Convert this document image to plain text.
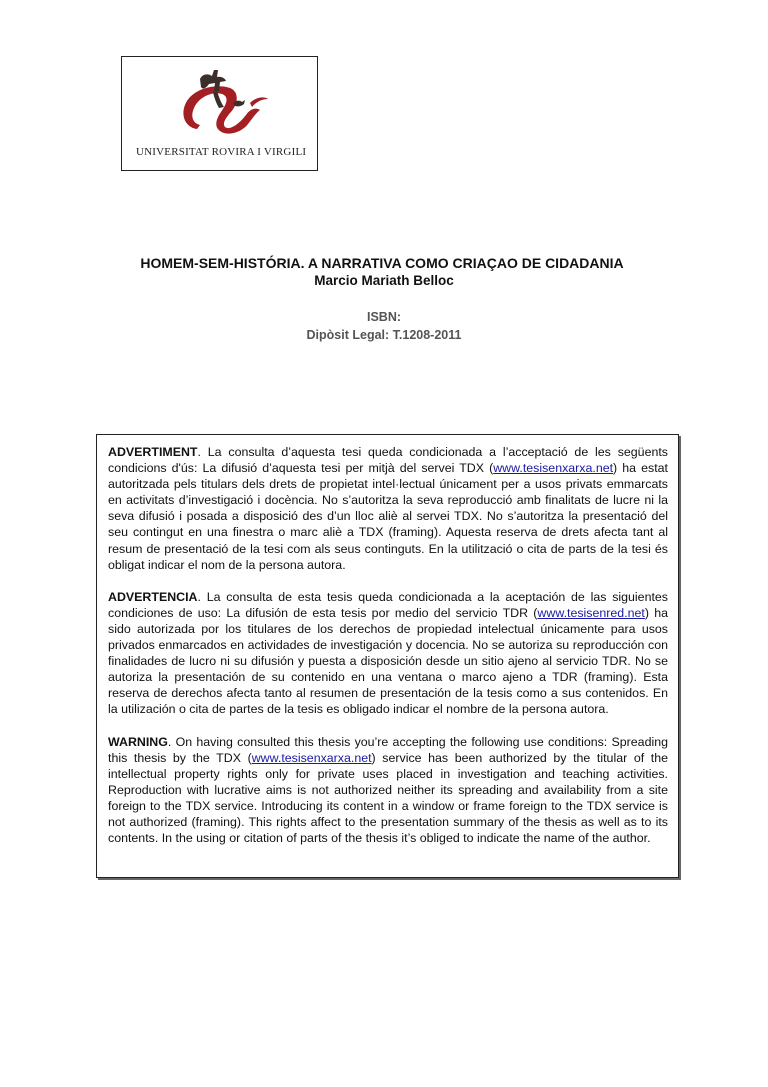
UNIVERSITAT ROVIRA I VIRGILI
HOMEM-SEM-HISTÓRIA. A NARRATIVA COMO CRIAÇAO DE CIDADANIA
Marcio Mariath Belloc
ISBN:
Dipòsit Legal: T.1208-2011

ADVERTIMENT. La consulta d’aquesta tesi queda condicionada a l’acceptació de les següents condicions d'ús: La difusió d’aquesta tesi per mitjà del servei TDX (www.tesisenxarxa.net) ha estat autoritzada pels titulars dels drets de propietat intel·lectual únicament per a usos privats emmarcats en activitats d’investigació i docència. No s’autoritza la seva reproducció amb finalitats de lucre ni la seva difusió i posada a disposició des d’un lloc aliè al servei TDX. No s’autoritza la presentació del seu contingut en una finestra o marc aliè a TDX (framing). Aquesta reserva de drets afecta tant al resum de presentació de la tesi com als seus continguts. En la utilització o cita de parts de la tesi és obligat indicar el nom de la persona autora.

ADVERTENCIA. La consulta de esta tesis queda condicionada a la aceptación de las siguientes condiciones de uso: La difusión de esta tesis por medio del servicio TDR (www.tesisenred.net) ha sido autorizada por los titulares de los derechos de propiedad intelectual únicamente para usos privados enmarcados en actividades de investigación y docencia. No se autoriza su reproducción con finalidades de lucro ni su difusión y puesta a disposición desde un sitio ajeno al servicio TDR. No se autoriza la presentación de su contenido en una ventana o marco ajeno a TDR (framing). Esta reserva de derechos afecta tanto al resumen de presentación de la tesis como a sus contenidos. En la utilización o cita de partes de la tesis es obligado indicar el nombre de la persona autora.

WARNING. On having consulted this thesis you’re accepting the following use conditions: Spreading this thesis by the TDX (www.tesisenxarxa.net) service has been authorized by the titular of the intellectual property rights only for private uses placed in investigation and teaching activities. Reproduction with lucrative aims is not authorized neither its spreading and availability from a site foreign to the TDX service. Introducing its content in a window or frame foreign to the TDX service is not authorized (framing). This rights affect to the presentation summary of the thesis as well as to its contents. In the using or citation of parts of the thesis it’s obliged to indicate the name of the author.
